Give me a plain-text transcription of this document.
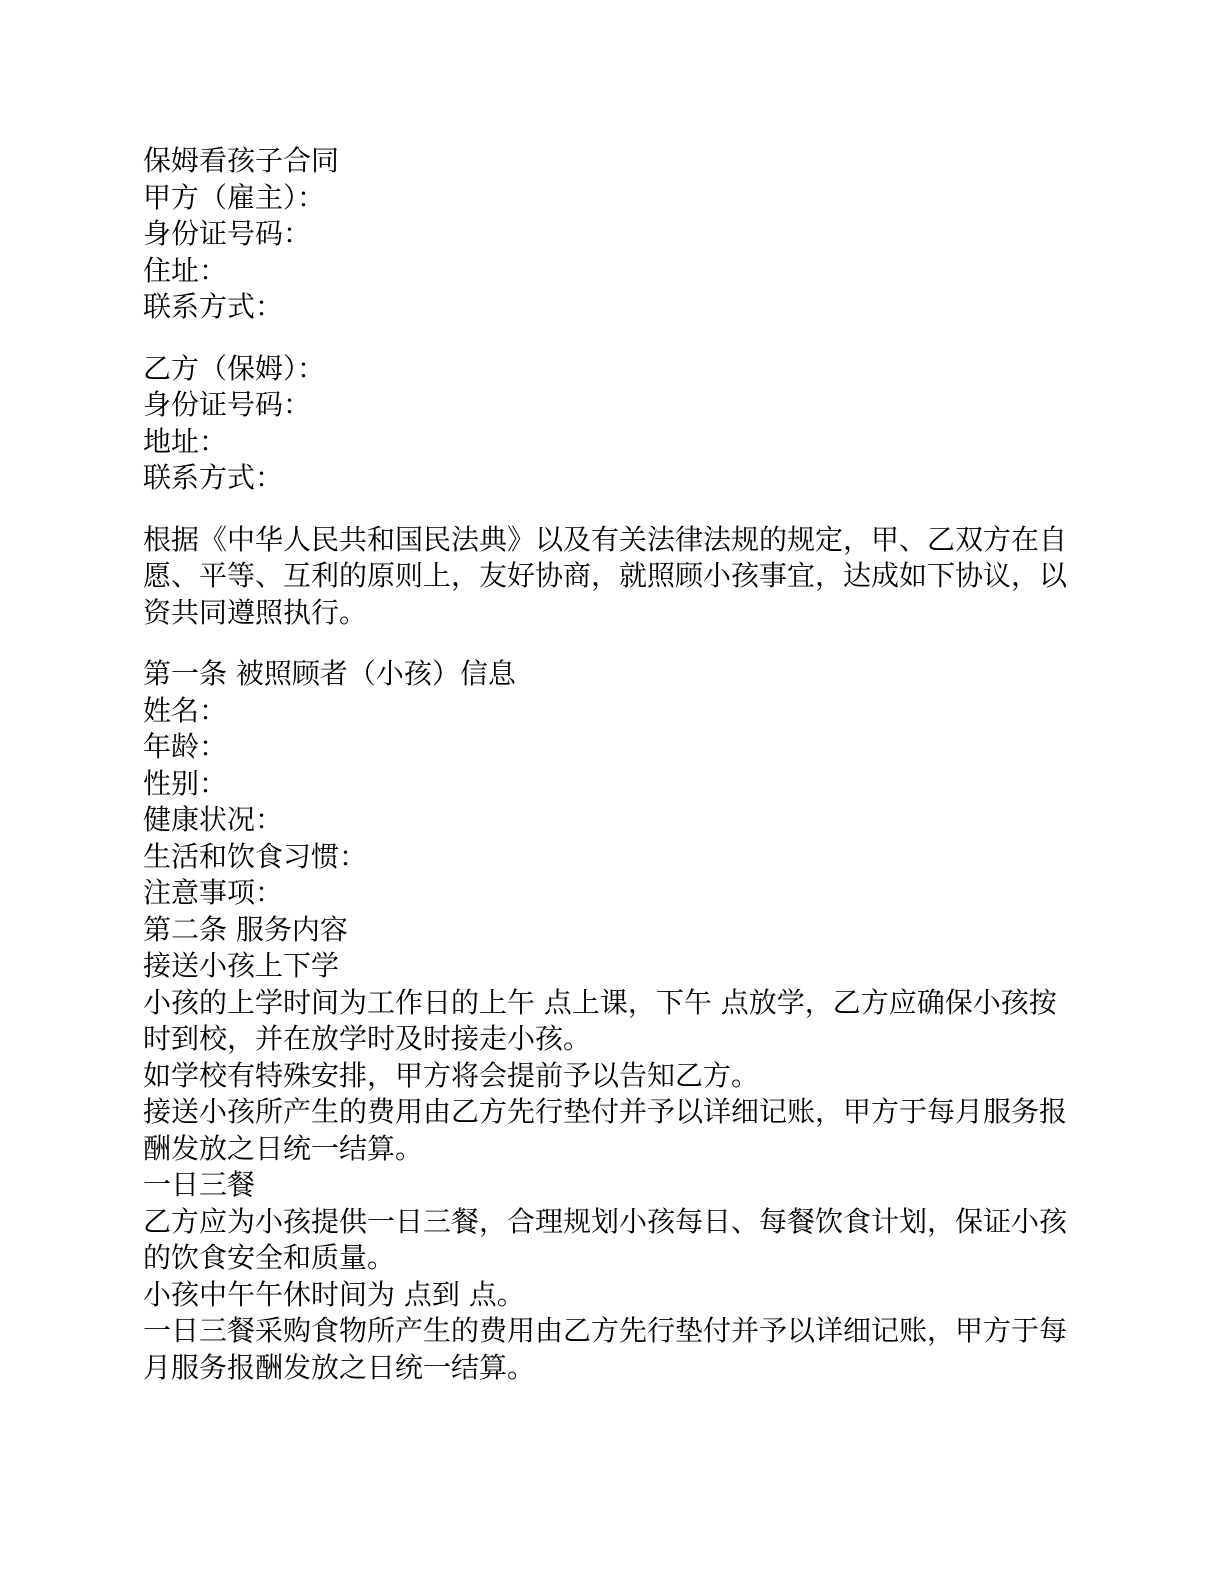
保姆看孩子合同
甲方（雇主）：
身份证号码：
住址：
联系方式：
乙方（保姆）：
身份证号码：
地址：
联系方式：
根据《中华人民共和国民法典》以及有关法律法规的规定，甲、乙双方在自
愿、平等、互利的原则上，友好协商，就照顾小孩事宜，达成如下协议，以
资共同遵照执行。
第一条 被照顾者（小孩）信息
姓名：
年龄：
性别：
健康状况：
生活和饮食习惯：
注意事项：
第二条 服务内容
接送小孩上下学
小孩的上学时间为工作日的上午 点上课，下午 点放学，乙方应确保小孩按
时到校，并在放学时及时接走小孩。
如学校有特殊安排，甲方将会提前予以告知乙方。
接送小孩所产生的费用由乙方先行垫付并予以详细记账，甲方于每月服务报
酬发放之日统一结算。
一日三餐
乙方应为小孩提供一日三餐，合理规划小孩每日、每餐饮食计划，保证小孩
的饮食安全和质量。
小孩中午午休时间为 点到 点。
一日三餐采购食物所产生的费用由乙方先行垫付并予以详细记账，甲方于每
月服务报酬发放之日统一结算。
